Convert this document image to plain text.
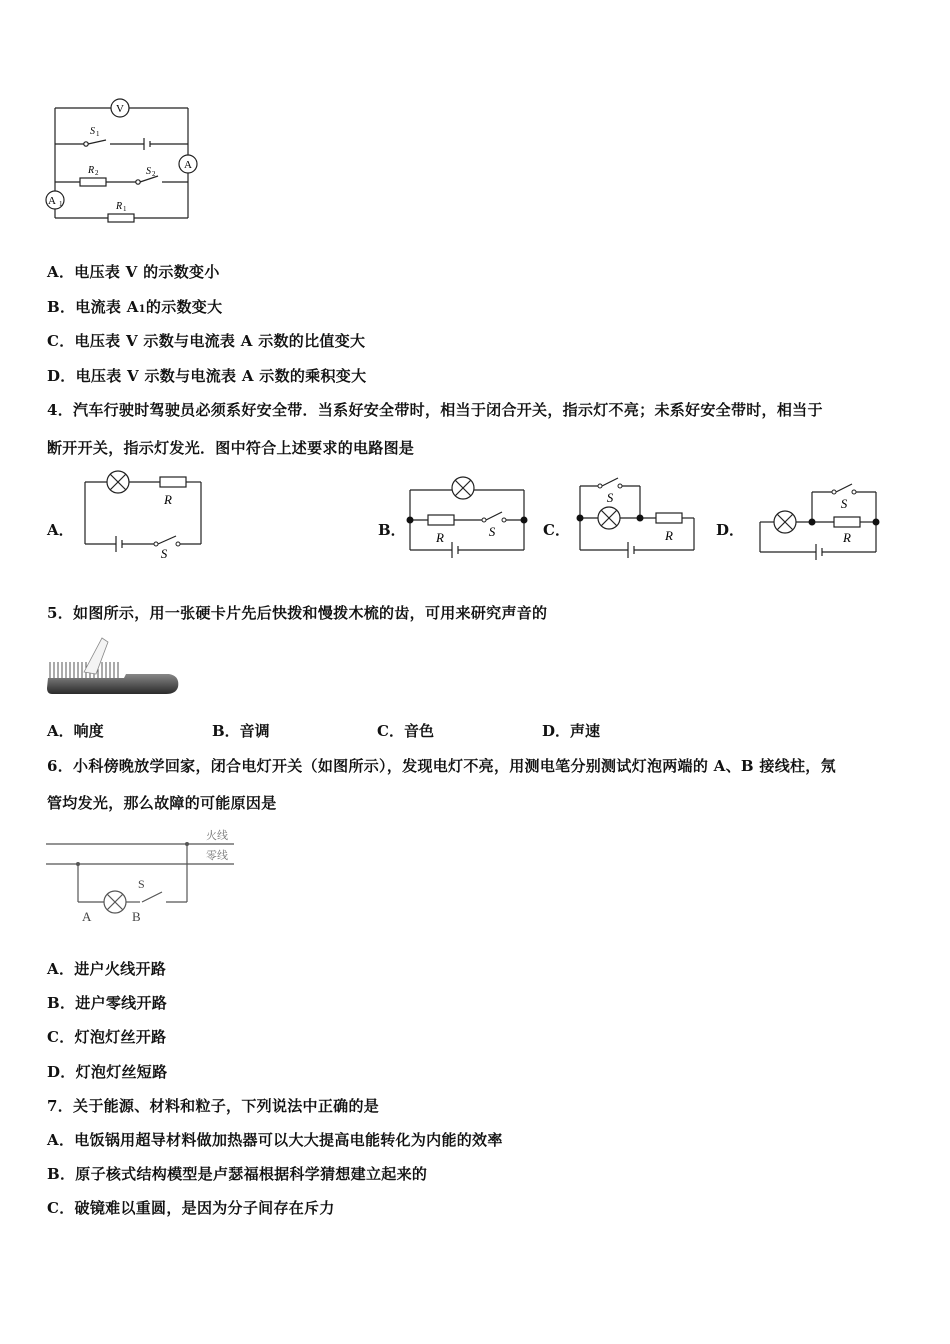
V
A
A 1
S 1
R 2	S 2
R 1
A．电压表 V 的示数变小
B．电流表 A1的示数变大
C．电压表 V 示数与电流表 A 示数的比值变大
D．电压表 V 示数与电流表 A 示数的乘积变大
4．汽车行驶时驾驶员必须系好安全带．当系好安全带时，相当于闭合开关，指示灯不亮；未系好安全带时，相当于
断开开关，指示灯发光．图中符合上述要求的电路图是
A．
R
S
B． R	S	C．
S
R	D．
S
R
5．如图所示，用一张硬卡片先后快拨和慢拨木梳的齿，可用来研究声音的
A．响度	B．音调	C．音色	D．声速
6．小科傍晚放学回家，闭合电灯开关（如图所示），发现电灯不亮，用测电笔分别测试灯泡两端的 A、B 接线柱，氖
管均发光，那么故障的可能原因是
火线
零线
A	B
S
A．进户火线开路
B．进户零线开路
C．灯泡灯丝开路
D．灯泡灯丝短路
7．关于能源、材料和粒子，下列说法中正确的是
A．电饭锅用超导材料做加热器可以大大提高电能转化为内能的效率
B．原子核式结构模型是卢瑟福根据科学猜想建立起来的
C．破镜难以重圆，是因为分子间存在斥力
